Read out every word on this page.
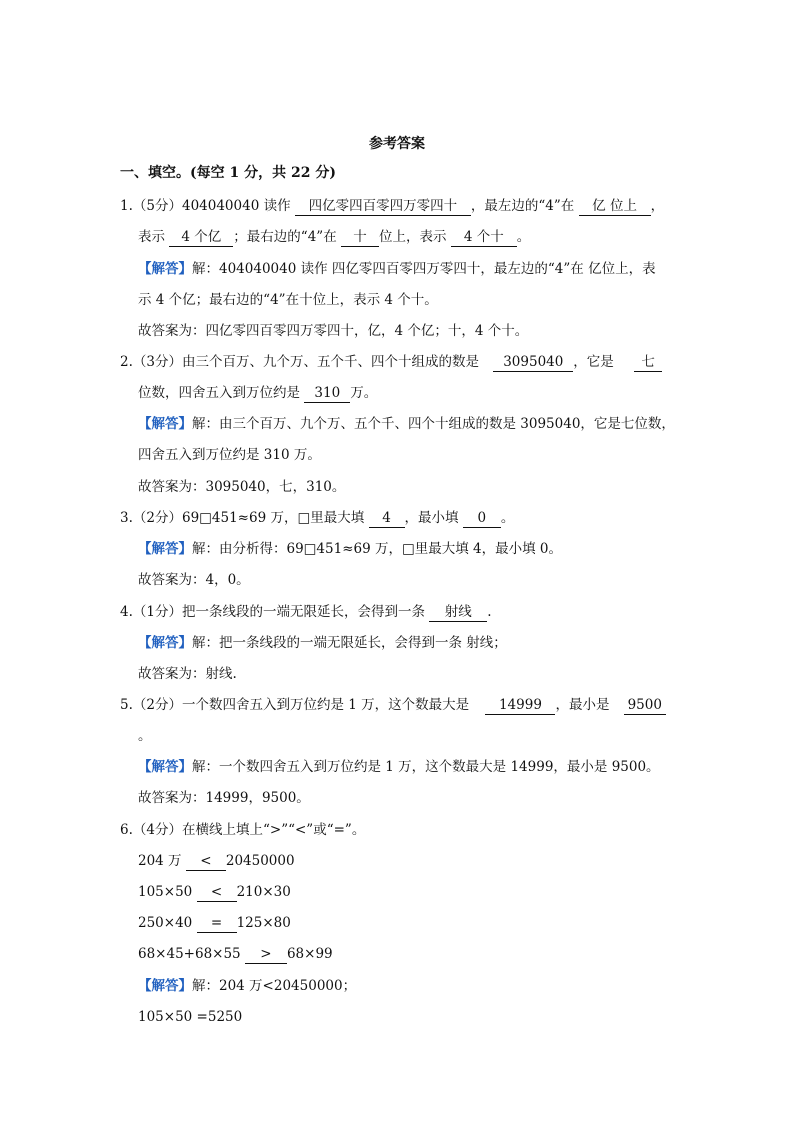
参考答案
一、填空。(每空 1 分，共 22 分)
1.（5分）404040040 读作 四亿零四百零四万零四十 ，最左边的“4”在 亿 位上 ，
表示 4 个亿 ；最右边的“4”在 十 位上，表示 4 个十 。
【解答】解：404040040 读作 四亿零四百零四万零四十，最左边的“4”在 亿位上，表
示 4 个亿；最右边的“4”在十位上，表示 4 个十。
故答案为：四亿零四百零四万零四十，亿，4 个亿；十，4 个十。
2.（3分）由三个百万、九个万、五个千、四个十组成的数是 3095040 ，它是 七
位数，四舍五入到万位约是 310 万。
【解答】解：由三个百万、九个万、五个千、四个十组成的数是 3095040，它是七位数，
四舍五入到万位约是 310 万。
故答案为：3095040，七，310。
3.（2分）69□451≈69 万，□里最大填 4 ，最小填 0 。
【解答】解：由分析得：69□451≈69 万，□里最大填 4，最小填 0。
故答案为：4，0。
4.（1分）把一条线段的一端无限延长，会得到一条 射线 .
【解答】解：把一条线段的一端无限延长，会得到一条 射线；
故答案为：射线.
5.（2分）一个数四舍五入到万位约是 1 万，这个数最大是 14999 ，最小是 9500
。
【解答】解：一个数四舍五入到万位约是 1 万，这个数最大是 14999，最小是 9500。
故答案为：14999，9500。
6.（4分）在横线上填上“>”“<”或“=”。
204 万 < 20450000
105×50 < 210×30
250×40 = 125×80
68×45+68×55 > 68×99
【解答】解：204 万<20450000；
105×50 =5250
